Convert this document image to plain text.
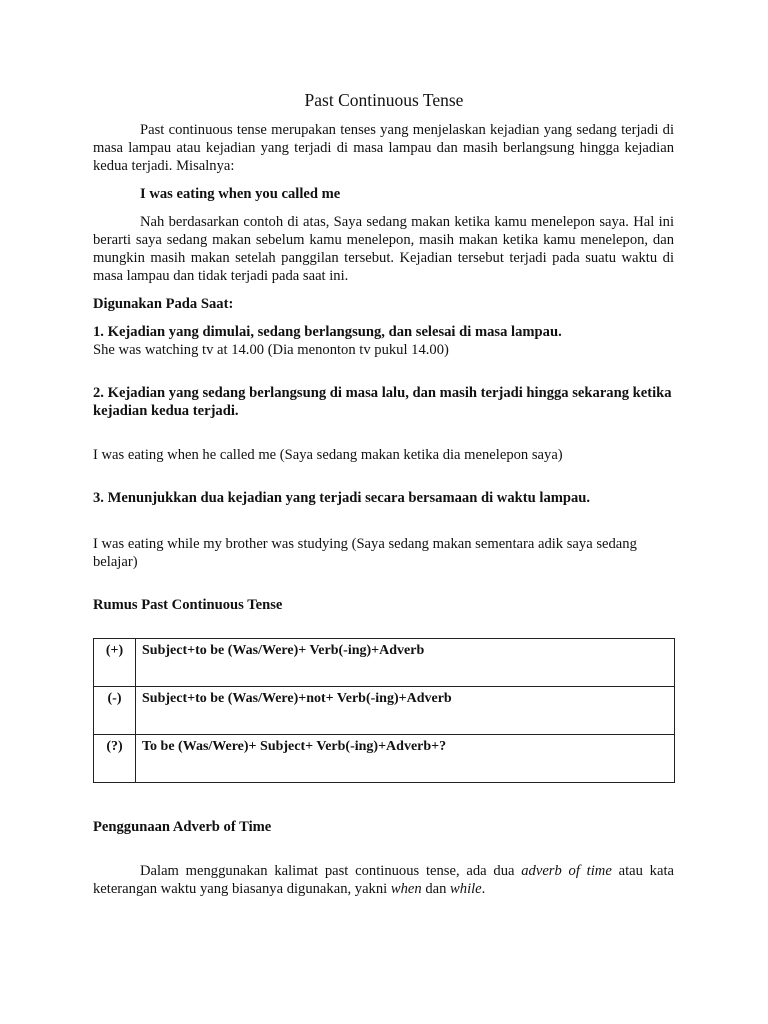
Past Continuous Tense

Past continuous tense merupakan tenses yang menjelaskan kejadian yang sedang terjadi di masa lampau atau kejadian yang terjadi di masa lampau dan masih berlangsung hingga kejadian kedua terjadi. Misalnya:

I was eating when you called me

Nah berdasarkan contoh di atas, Saya sedang makan ketika kamu menelepon saya. Hal ini berarti saya sedang makan sebelum kamu menelepon, masih makan ketika kamu menelepon, dan mungkin masih makan setelah panggilan tersebut. Kejadian tersebut terjadi pada suatu waktu di masa lampau dan tidak terjadi pada saat ini.

Digunakan Pada Saat:

1. Kejadian yang dimulai, sedang berlangsung, dan selesai di masa lampau.

She was watching tv at 14.00 (Dia menonton tv pukul 14.00)

2. Kejadian yang sedang berlangsung di masa lalu, dan masih terjadi hingga sekarang ketika kejadian kedua terjadi.

I was eating when he called me (Saya sedang makan ketika dia menelepon saya)

3. Menunjukkan dua kejadian yang terjadi secara bersamaan di waktu lampau.

I was eating while my brother was studying (Saya sedang makan sementara adik saya sedang belajar)

Rumus Past Continuous Tense

(+)	Subject+to be (Was/Were)+ Verb(-ing)+Adverb
(-)	Subject+to be (Was/Were)+not+ Verb(-ing)+Adverb
(?)	To be (Was/Were)+ Subject+ Verb(-ing)+Adverb+?

Penggunaan Adverb of Time

Dalam menggunakan kalimat past continuous tense, ada dua adverb of time atau kata keterangan waktu yang biasanya digunakan, yakni when dan while.
